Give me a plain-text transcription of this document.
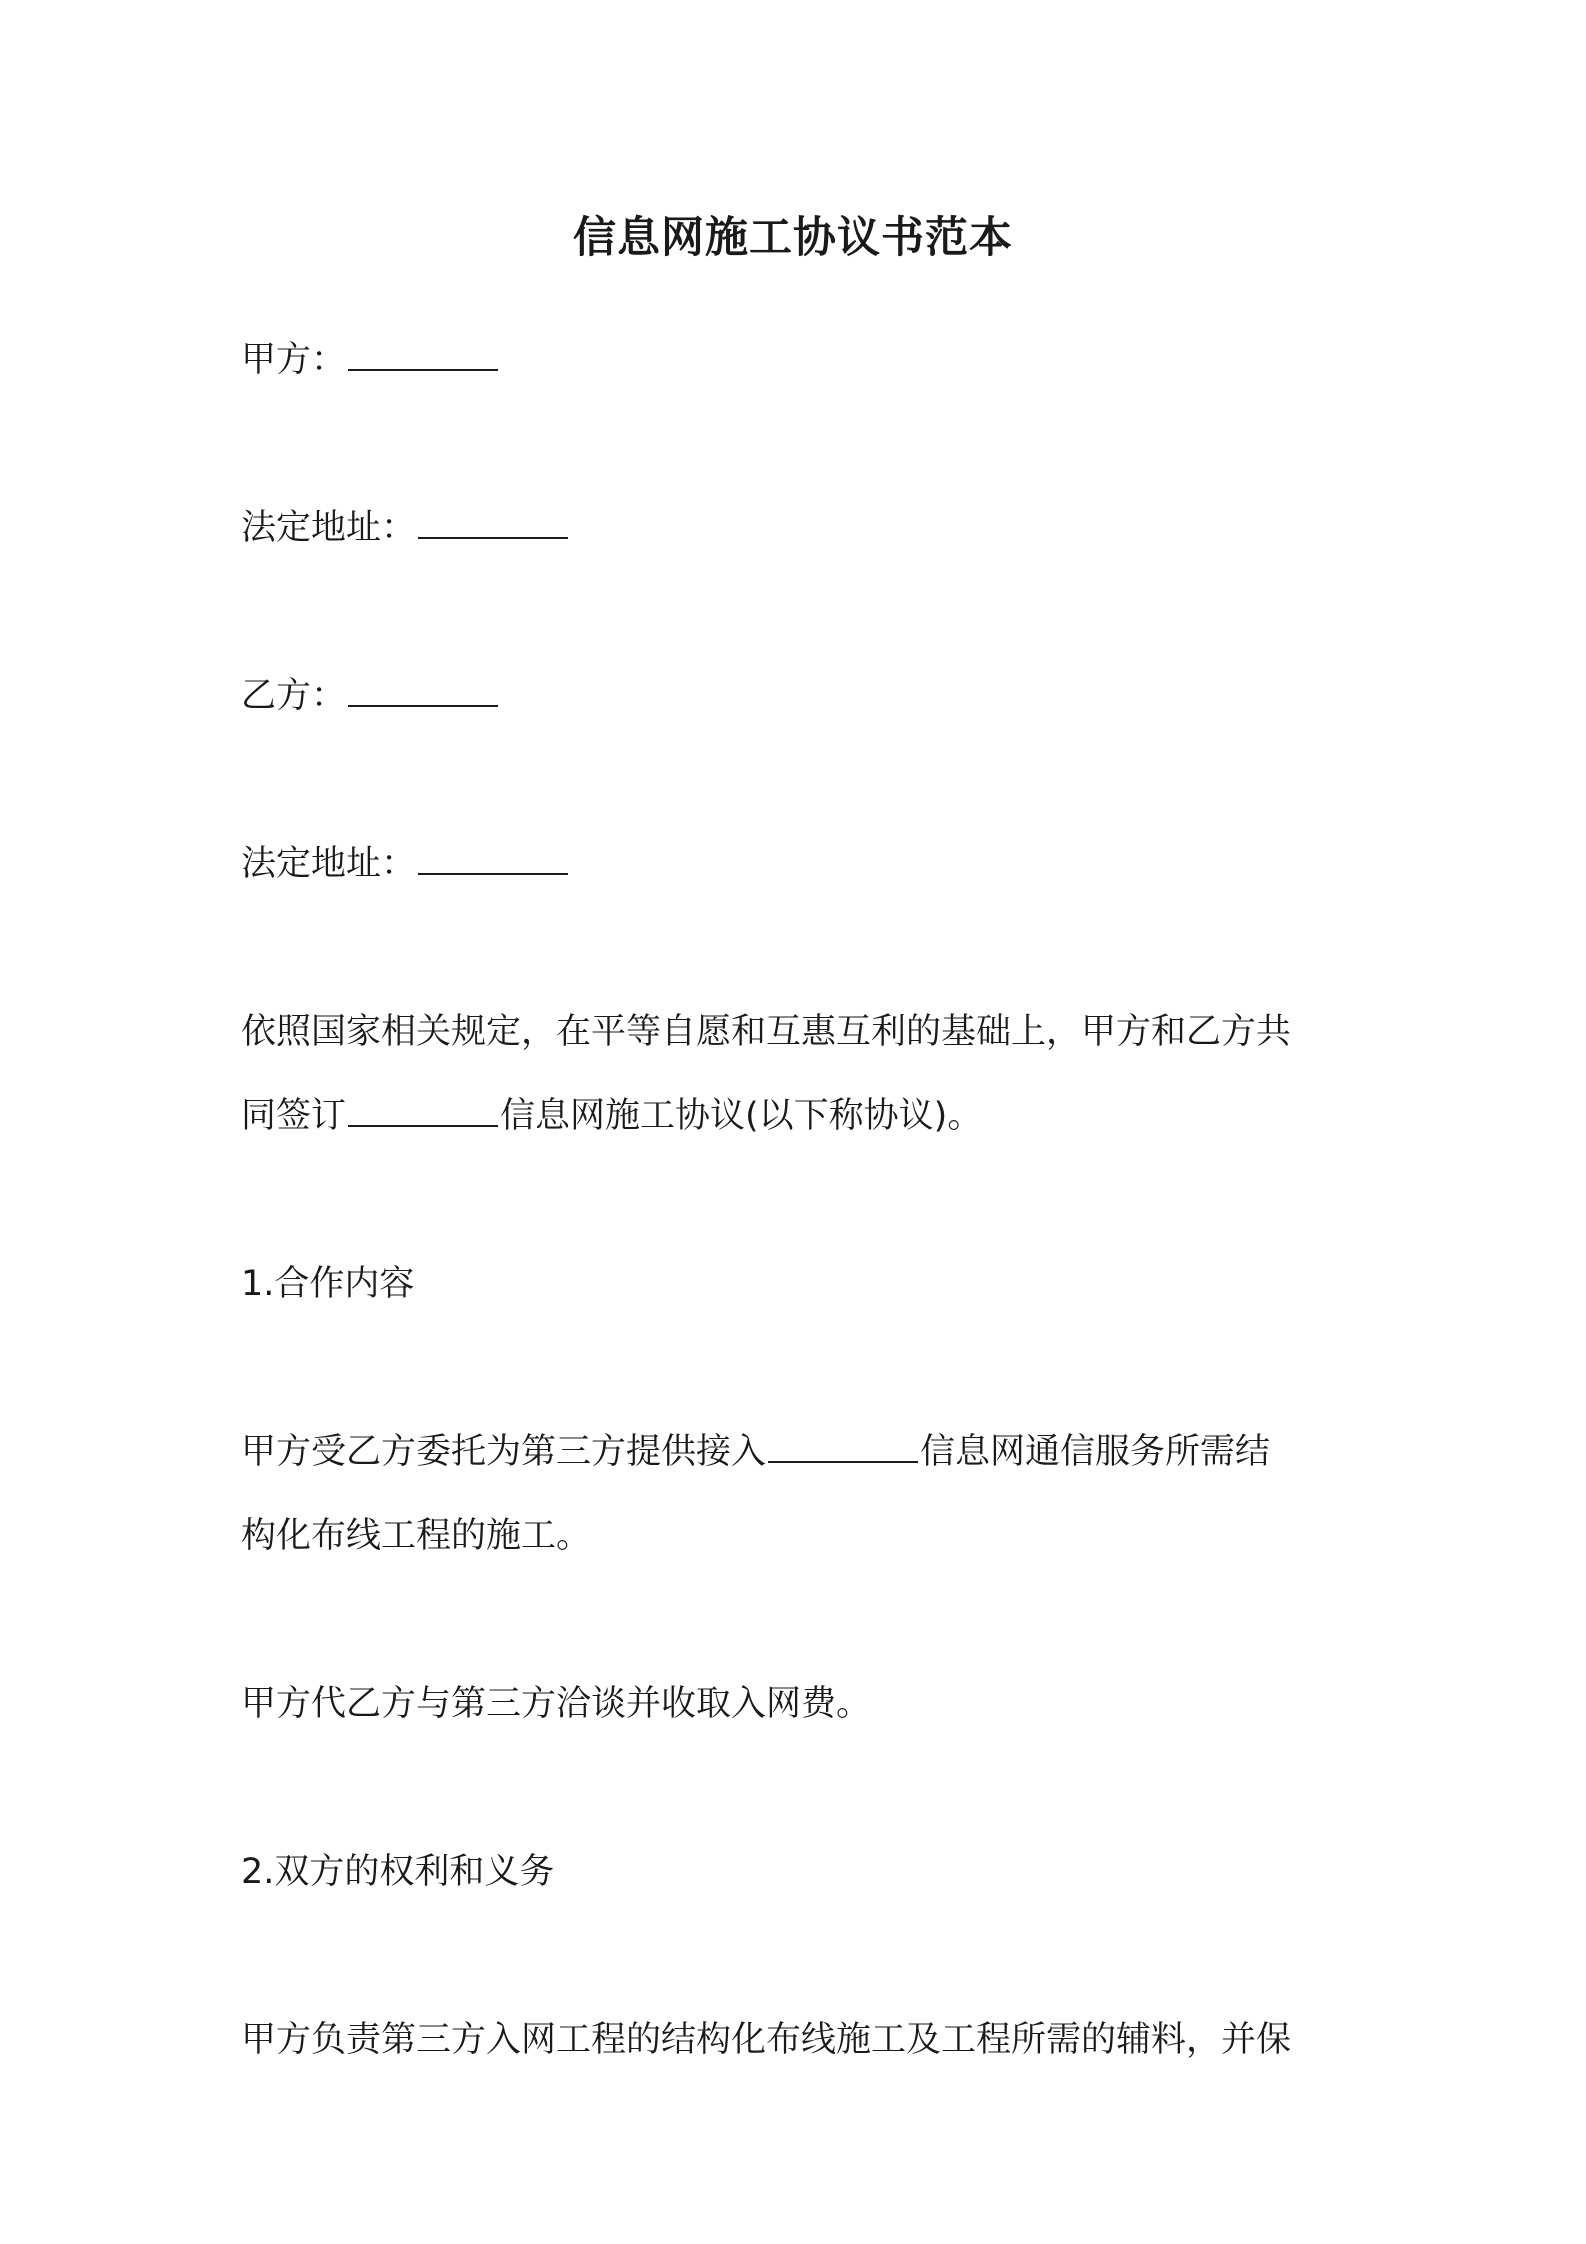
信息网施工协议书范本
甲方：
法定地址：
乙方：
法定地址：
依照国家相关规定，在平等自愿和互惠互利的基础上，甲方和乙方共
同签订	信息网施工协议(以下称协议)。
1.合作内容
甲方受乙方委托为第三方提供接入	信息网通信服务所需结
构化布线工程的施工。
甲方代乙方与第三方洽谈并收取入网费。
2.双方的权利和义务
甲方负责第三方入网工程的结构化布线施工及工程所需的辅料，并保
